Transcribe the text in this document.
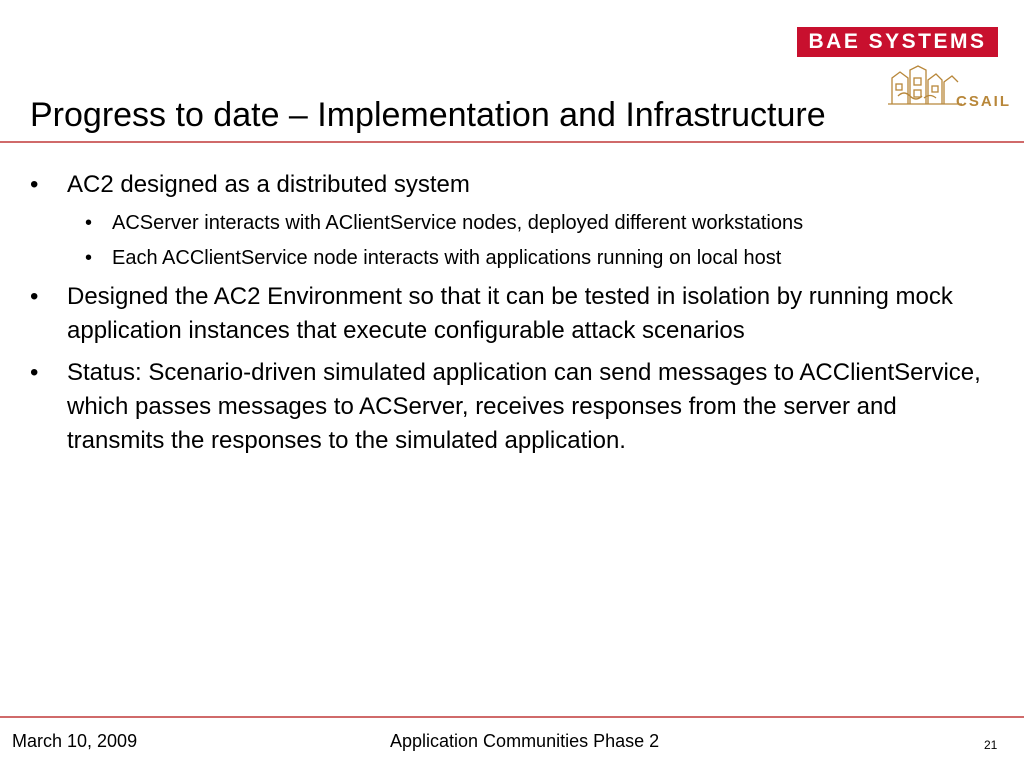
BAE SYSTEMS
CSAIL
Progress to date – Implementation and Infrastructure
• AC2 designed as a distributed system
• ACServer interacts with AClientService nodes, deployed different workstations
• Each ACClientService node interacts with applications running on local host
• Designed the AC2 Environment so that it can be tested in isolation by running mock application instances that execute configurable attack scenarios
• Status: Scenario-driven simulated application can send messages to ACClientService, which passes messages to ACServer, receives responses from the server and transmits the responses to the simulated application.
March 10, 2009	Application Communities Phase 2	21
